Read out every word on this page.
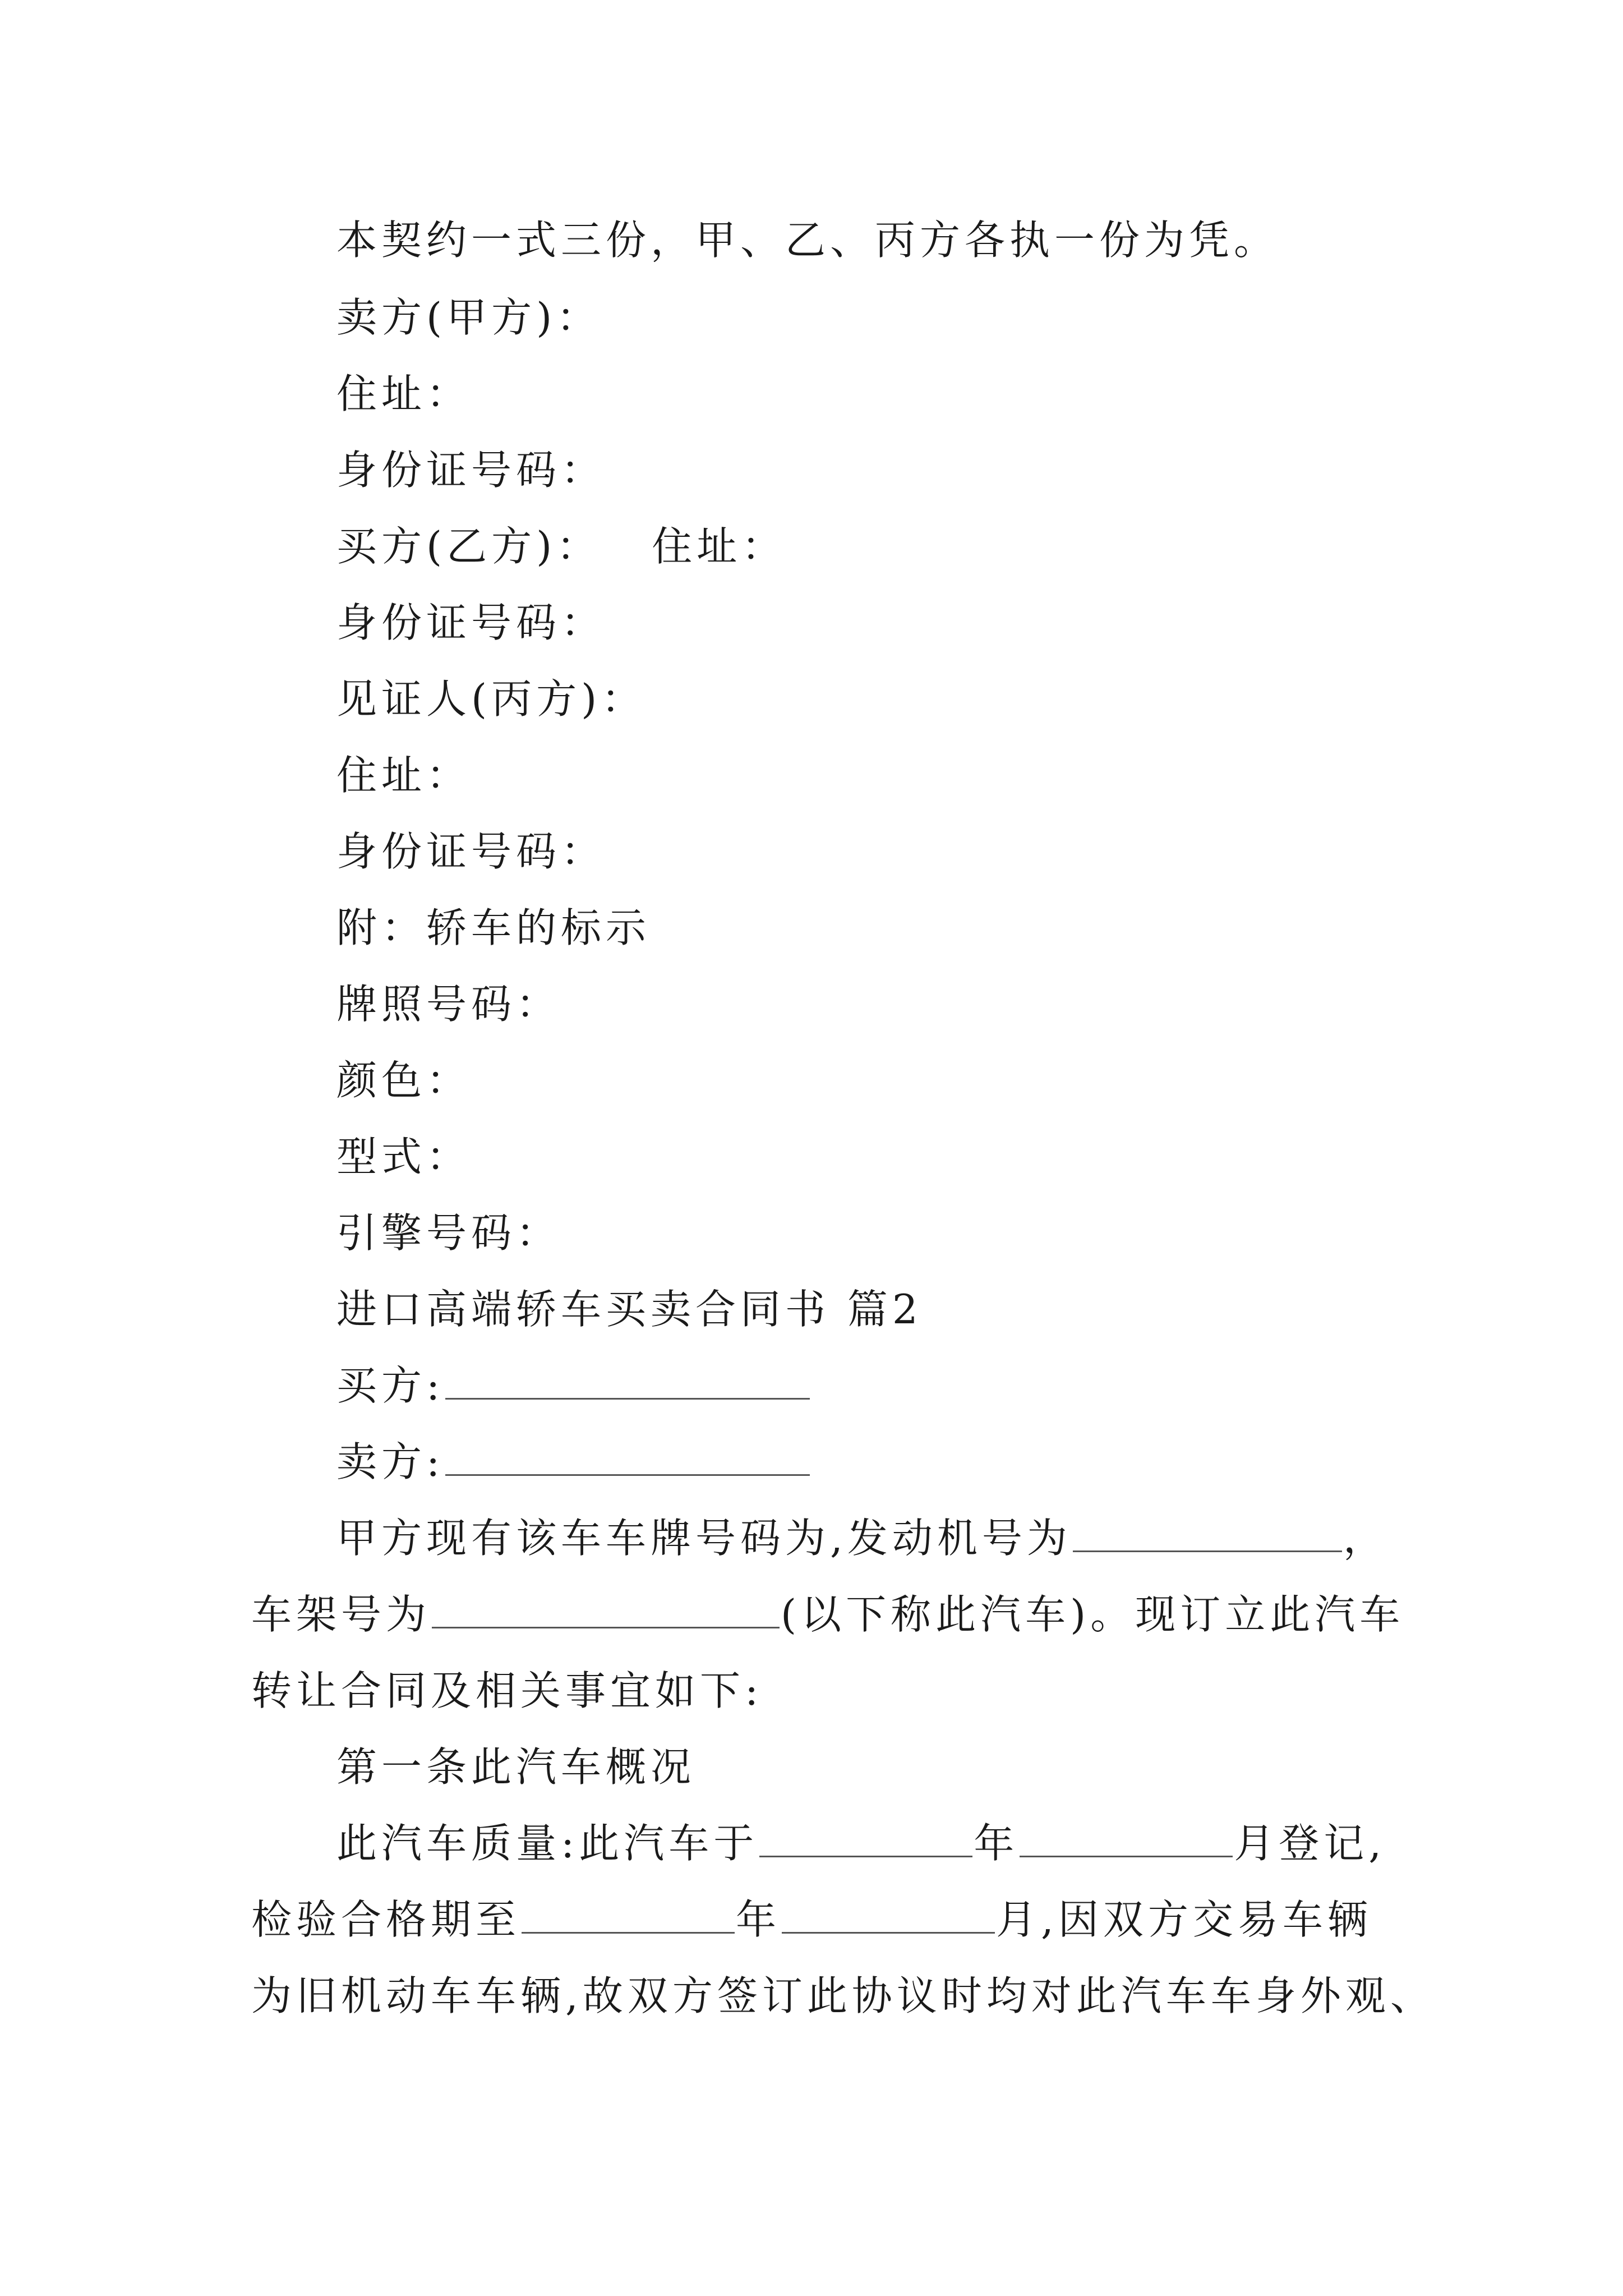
本契约一式三份，甲、乙、丙方各执一份为凭。
卖方(甲方)：
住址：
身份证号码：
买方(乙方)： 住址：
身份证号码：
见证人(丙方)：
住址：
身份证号码：
附：轿车的标示
牌照号码：
颜色：
型式：
引擎号码：
进口高端轿车买卖合同书 篇2
买方:
卖方:
甲方现有该车车牌号码为,发动机号为	，
车架号为	(以下称此汽车)。现订立此汽车
转让合同及相关事宜如下:
第一条此汽车概况
此汽车质量:此汽车于	年	月登记,
检验合格期至	年	月,因双方交易车辆
为旧机动车车辆,故双方签订此协议时均对此汽车车身外观、
